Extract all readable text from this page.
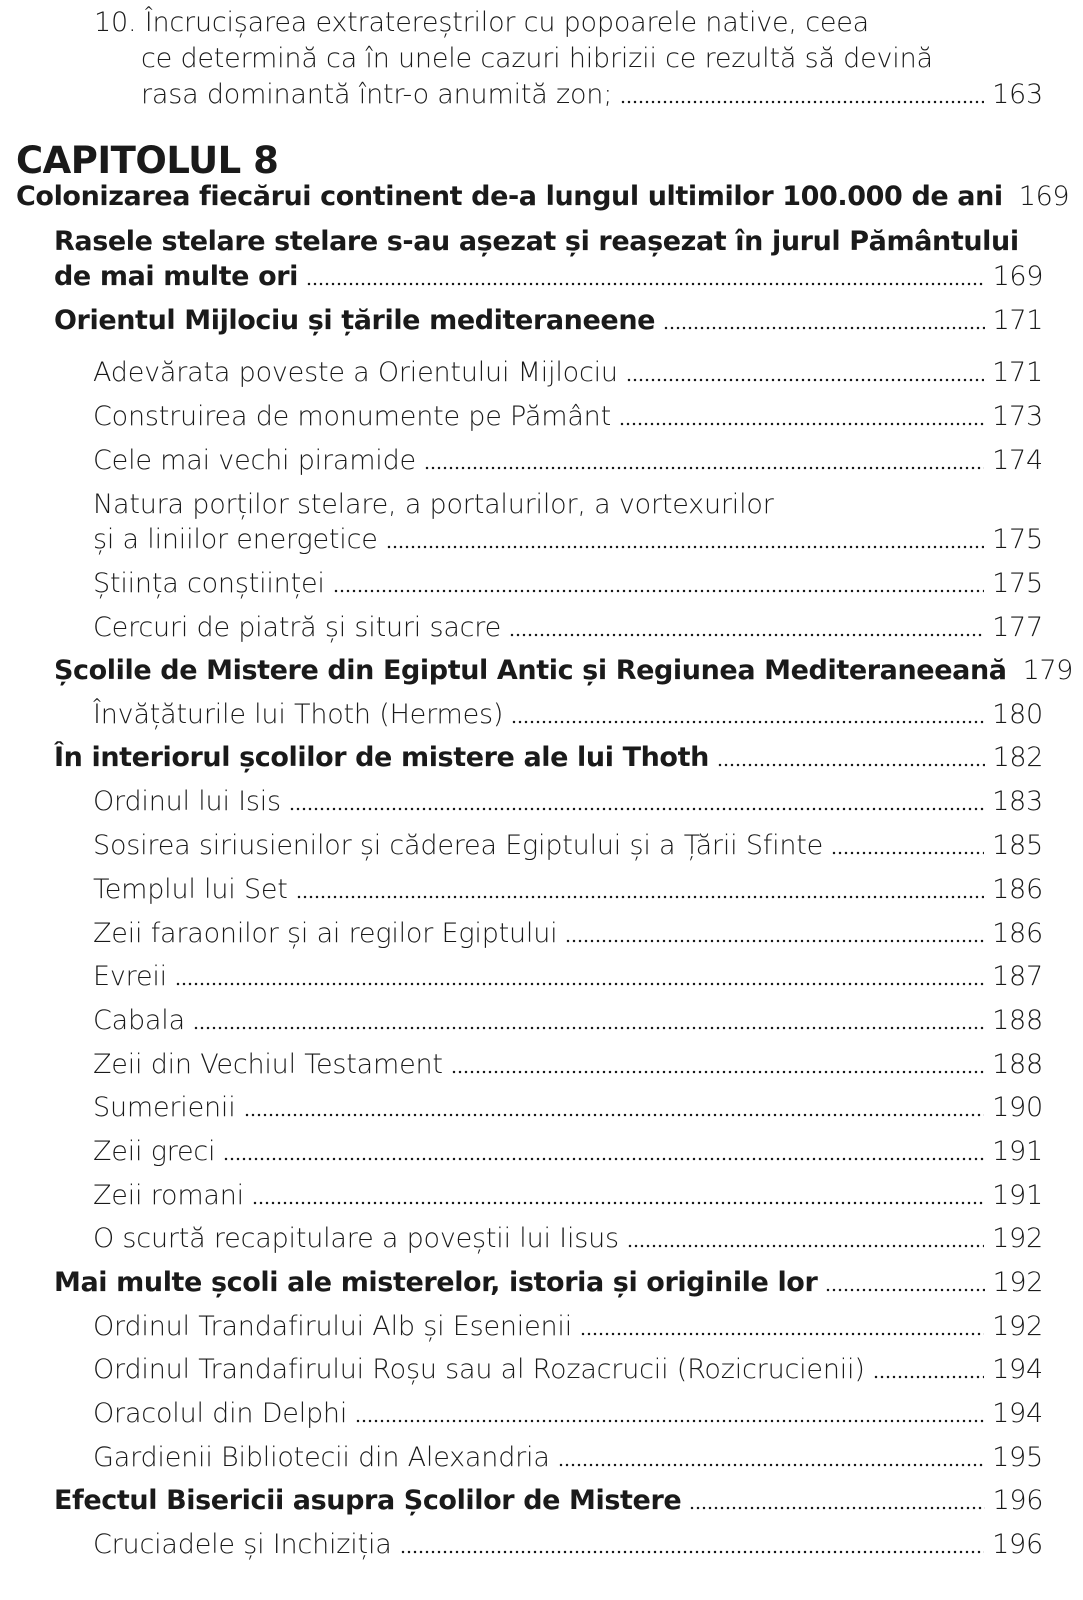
10. Încrucișarea extratereștrilor cu popoarele native, ceea
ce determină ca în unele cazuri hibrizii ce rezultă să devină
rasa dominantă într-o anumită zon;	163
CAPITOLUL 8
Colonizarea fiecărui continent de-a lungul ultimilor 100.000 de ani 169
Rasele stelare stelare s-au așezat și reașezat în jurul Pământului
de mai multe ori	169
Orientul Mijlociu și țările mediteraneene	171
Adevărata poveste a Orientului Mijlociu	171
Construirea de monumente pe Pământ	173
Cele mai vechi piramide	174
Natura porților stelare, a portalurilor, a vortexurilor
și a liniilor energetice	175
Știința conștiinței	175
Cercuri de piatră și situri sacre	177
Școlile de Mistere din Egiptul Antic și Regiunea Mediteraneeană 179
Învățăturile lui Thoth (Hermes)	180
În interiorul școlilor de mistere ale lui Thoth	182
Ordinul lui Isis	183
Sosirea siriusienilor și căderea Egiptului și a Țării Sfinte	185
Templul lui Set	186
Zeii faraonilor și ai regilor Egiptului	186
Evreii	187
Cabala	188
Zeii din Vechiul Testament	188
Sumerienii	190
Zeii greci	191
Zeii romani	191
O scurtă recapitulare a poveștii lui Iisus	192
Mai multe școli ale misterelor, istoria și originile lor	192
Ordinul Trandafirului Alb și Esenienii	192
Ordinul Trandafirului Roșu sau al Rozacrucii (Rozicrucienii)	194
Oracolul din Delphi	194
Gardienii Bibliotecii din Alexandria	195
Efectul Bisericii asupra Școlilor de Mistere	196
Cruciadele și Inchiziția	196
